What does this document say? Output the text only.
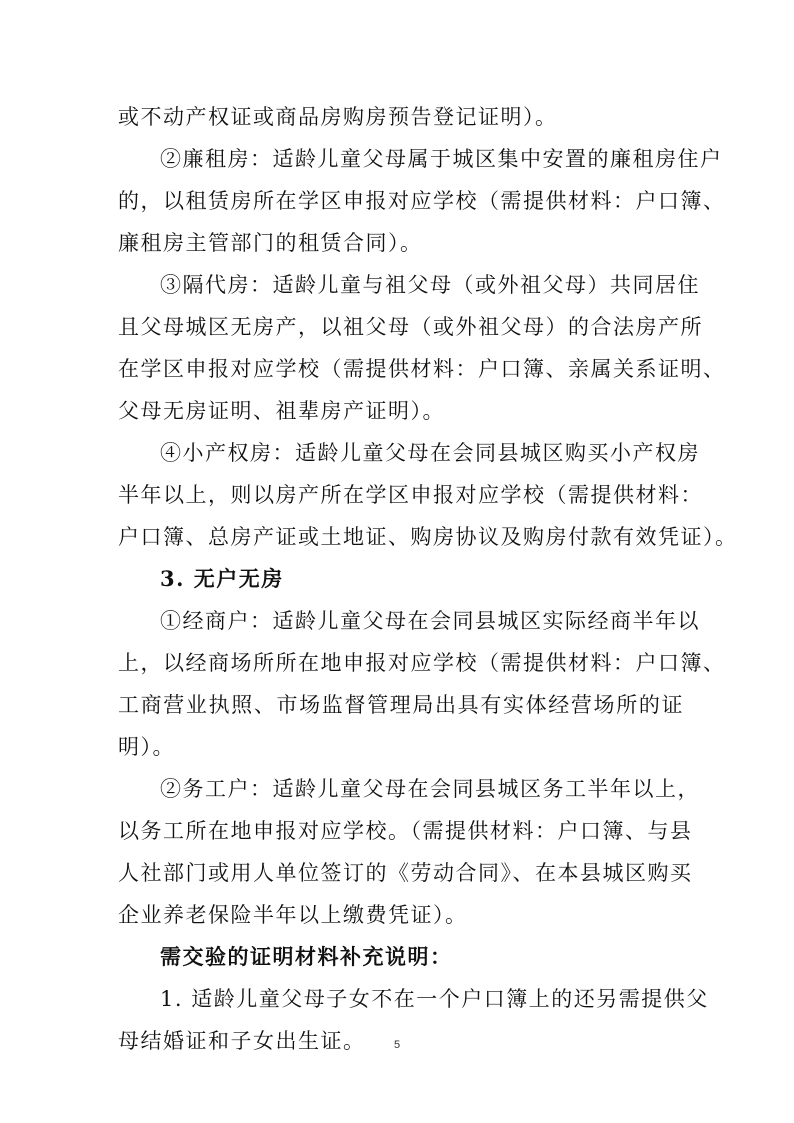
或不动产权证或商品房购房预告登记证明）。
②廉租房：适龄儿童父母属于城区集中安置的廉租房住户
的，以租赁房所在学区申报对应学校（需提供材料：户口簿、
廉租房主管部门的租赁合同）。
③隔代房：适龄儿童与祖父母（或外祖父母）共同居住
且父母城区无房产，以祖父母（或外祖父母）的合法房产所
在学区申报对应学校（需提供材料：户口簿、亲属关系证明、
父母无房证明、祖辈房产证明）。
④小产权房：适龄儿童父母在会同县城区购买小产权房
半年以上，则以房产所在学区申报对应学校（需提供材料：
户口簿、总房产证或土地证、购房协议及购房付款有效凭证）。
3. 无户无房
①经商户：适龄儿童父母在会同县城区实际经商半年以
上，以经商场所所在地申报对应学校（需提供材料：户口簿、
工商营业执照、市场监督管理局出具有实体经营场所的证
明）。
②务工户：适龄儿童父母在会同县城区务工半年以上，
以务工所在地申报对应学校。（需提供材料：户口簿、与县
人社部门或用人单位签订的《劳动合同》、在本县城区购买
企业养老保险半年以上缴费凭证）。
需交验的证明材料补充说明：
1. 适龄儿童父母子女不在一个户口簿上的还另需提供父
母结婚证和子女出生证。	5
